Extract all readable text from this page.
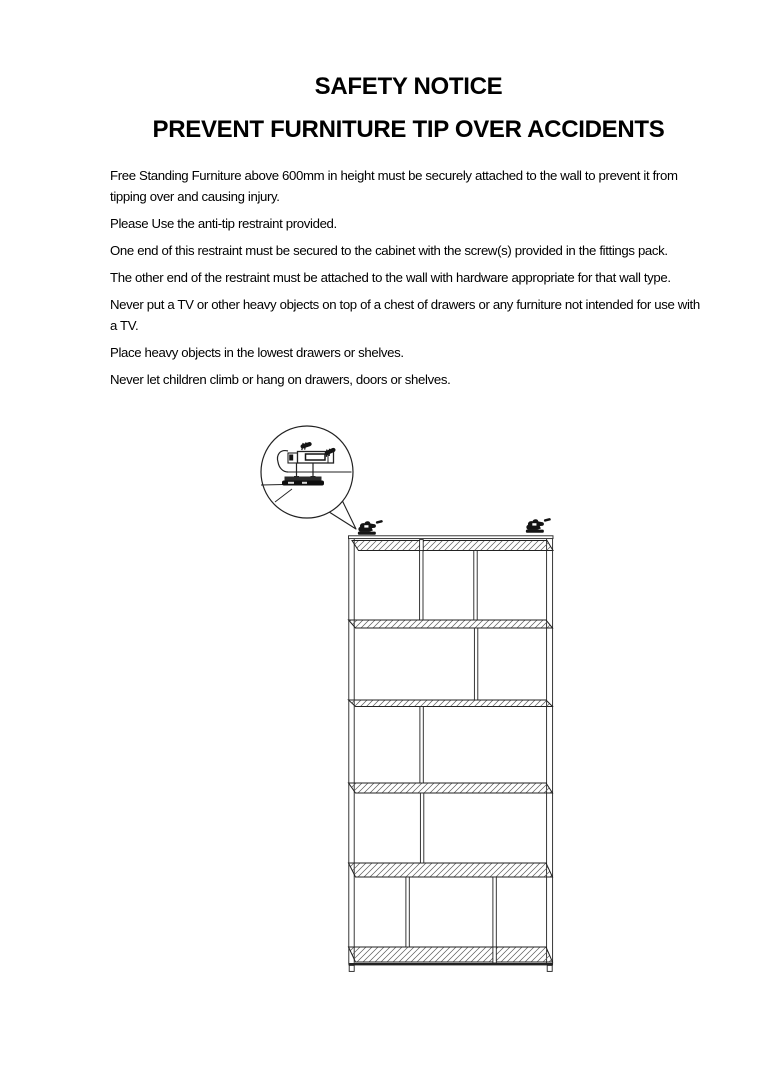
SAFETY NOTICE
PREVENT FURNITURE TIP OVER ACCIDENTS

Free Standing Furniture above 600mm in height must be securely attached to the wall to prevent it from tipping over and causing injury.

Please Use the anti-tip restraint provided.

One end of this restraint must be secured to the cabinet with the screw(s) provided in the fittings pack.

The other end of the restraint must be attached to the wall with hardware appropriate for that wall type.

Never put a TV or other heavy objects on top of a chest of drawers or any furniture not intended for use with a TV.

Place heavy objects in the lowest drawers or shelves.

Never let children climb or hang on drawers, doors or shelves.
